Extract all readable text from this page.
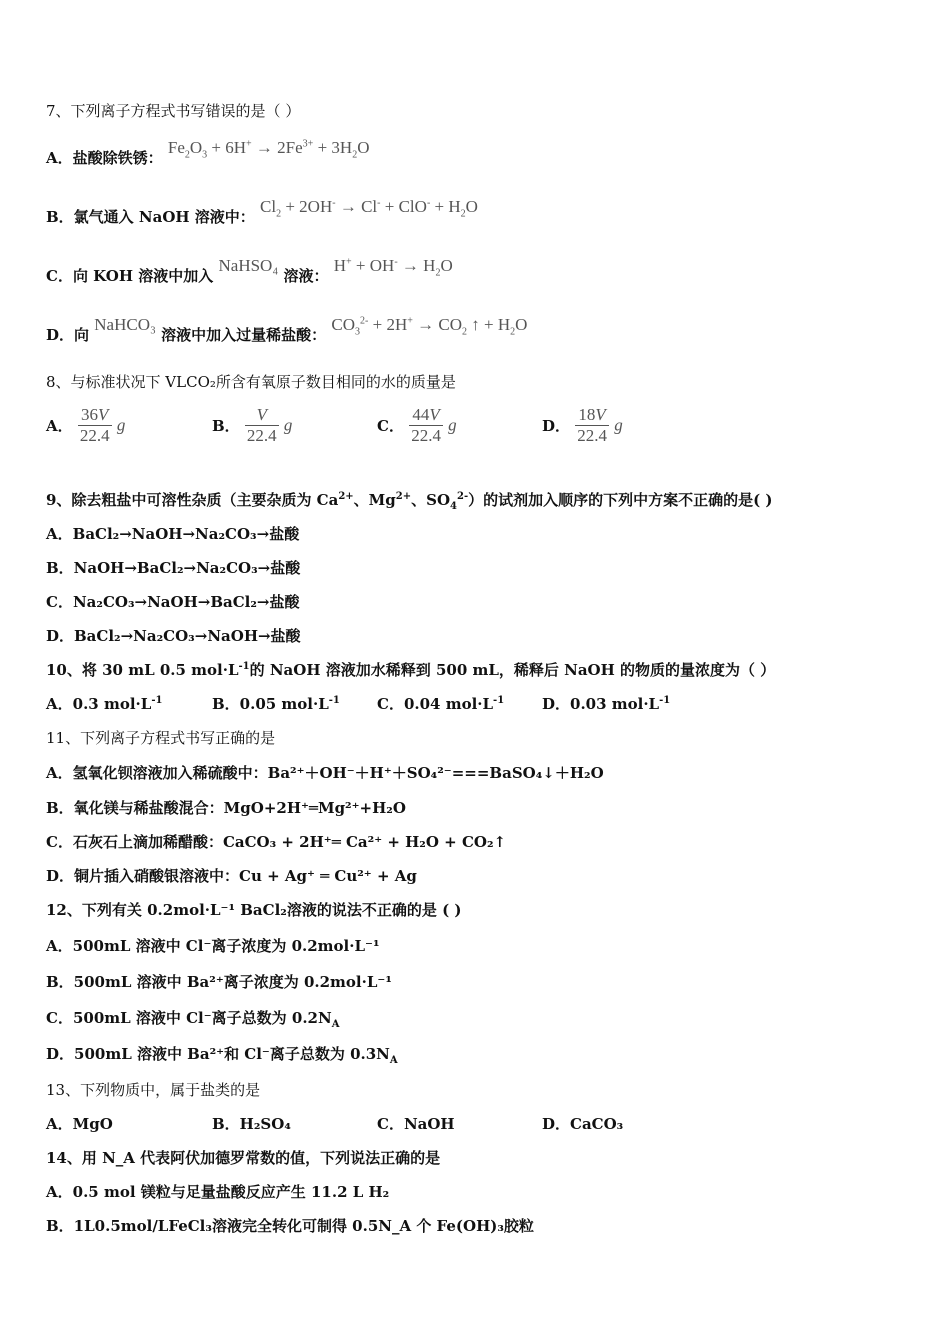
7、下列离子方程式书写错误的是（ ）
A．盐酸除铁锈： $Fe_2O_3 + 6H^+ \to 2Fe^{3+} + 3H_2O$
B．氯气通入 NaOH 溶液中： $Cl_2 + 2OH^- \to Cl^- + ClO^- + H_2O$
C．向 KOH 溶液中加入 NaHSO₄ 溶液： $H^+ + OH^- \to H_2O$
D．向 NaHCO₃ 溶液中加入过量稀盐酸： $CO_3^{2-} + 2H^+ \to CO_2$ ↑ + $H_2O$
8、与标准状况下 VLCO₂所含有氧原子数目相同的水的质量是
A． $\frac{36V}{22.4}$ g	B． $\frac{V}{22.4}$ g	C． $\frac{44V}{22.4}$ g	D． $\frac{18V}{22.4}$ g
9、除去粗盐中可溶性杂质（主要杂质为 $Ca^{2+}$、$Mg^{2+}$、$SO_4^{2-}$）的试剂加入顺序的下列中方案不正确的是( )
A．BaCl₂→NaOH→Na₂CO₃→盐酸
B．NaOH→BaCl₂→Na₂CO₃→盐酸
C．Na₂CO₃→NaOH→BaCl₂→盐酸
D．BaCl₂→Na₂CO₃→NaOH→盐酸
10、将 30 mL 0.5 $mol\cdot L^{-1}$的 NaOH 溶液加水稀释到 500 mL，稀释后 NaOH 的物质的量浓度为（ ）
A．0.3 $mol\cdot L^{-1}$	B．0.05 $mol\cdot L^{-1}$ C．0.04 $mol\cdot L^{-1}$	D．0.03 $mol\cdot L^{-1}$
11、下列离子方程式书写正确的是
A．氢氧化钡溶液加入稀硫酸中：Ba²⁺＋OH⁻＋H⁺＋SO₄²⁻===BaSO₄↓＋H₂O
B．氧化镁与稀盐酸混合：MgO+2H⁺═Mg²⁺+H₂O
C．石灰石上滴加稀醋酸：CaCO₃ + 2H⁺═ Ca²⁺ + H₂O + CO₂↑
D．铜片插入硝酸银溶液中：Cu + Ag⁺ ═ Cu²⁺ + Ag
12、下列有关 0.2mol·L⁻¹ BaCl₂溶液的说法不正确的是 ( )
A．500mL 溶液中 Cl⁻离子浓度为 0.2mol·L⁻¹
B．500mL 溶液中 Ba²⁺离子浓度为 0.2mol·L⁻¹
C．500mL 溶液中 Cl⁻离子总数为 $0.2N_A$
D．500mL 溶液中 Ba²⁺和 Cl⁻离子总数为 $0.3N_A$
13、下列物质中，属于盐类的是
A．MgO	B．H₂SO₄	C．NaOH	D．CaCO₃
14、用 N_A 代表阿伏加德罗常数的值，下列说法正确的是
A．0.5 mol 镁粒与足量盐酸反应产生 11.2 L H₂
B．1L0.5mol/LFeCl₃溶液完全转化可制得 0.5N_A 个 Fe(OH)₃胶粒
